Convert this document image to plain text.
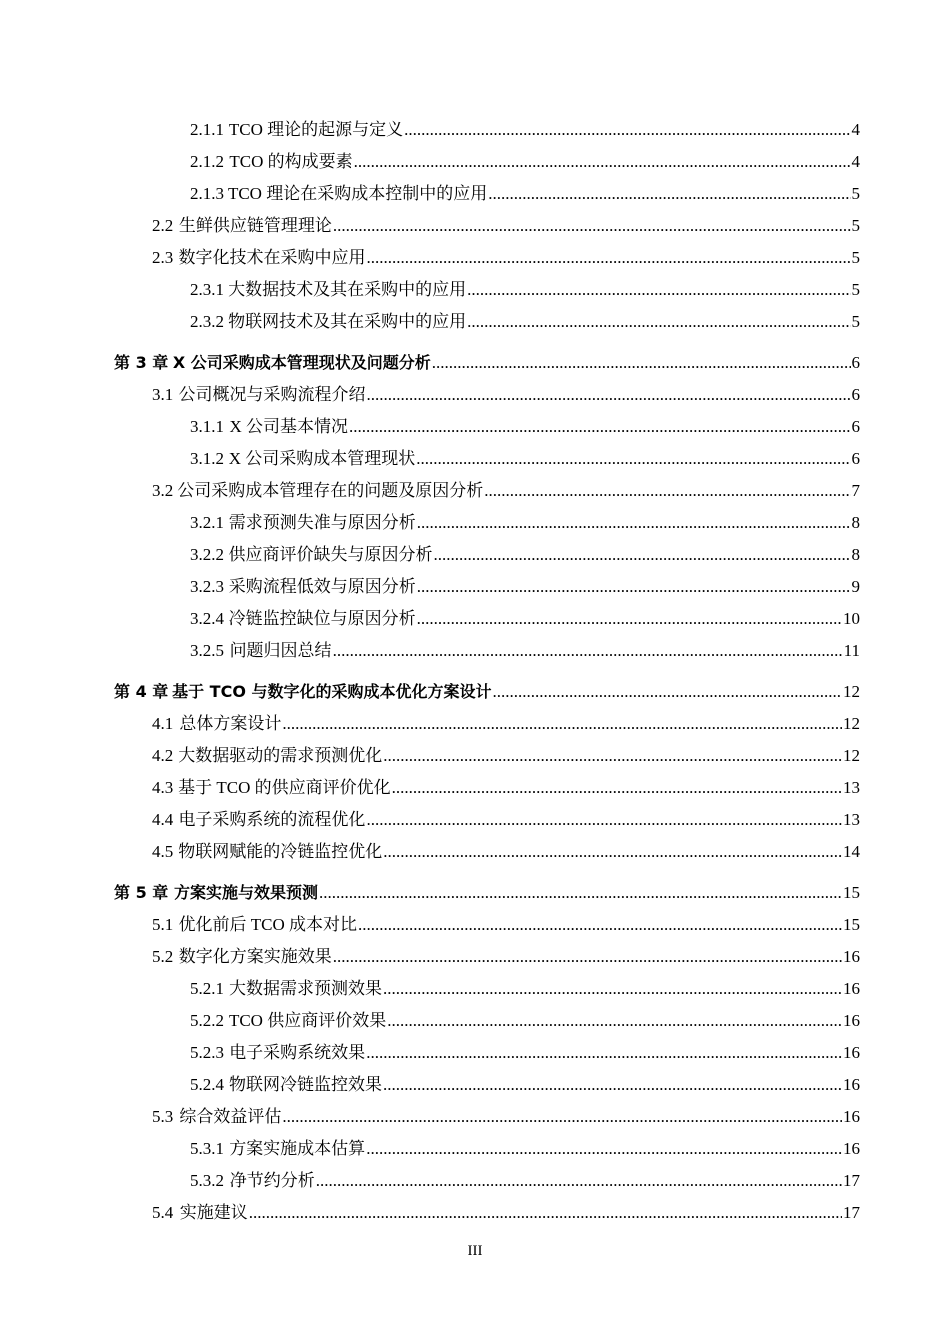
2.1.1 TCO 理论的起源与定义 .....	4
2.1.2 TCO 的构成要素 .....	4
2.1.3 TCO 理论在采购成本控制中的应用 .....	5
2.2 生鲜供应链管理理论 .....	5
2.3 数字化技术在采购中应用 .....	5
2.3.1 大数据技术及其在采购中的应用 .....	5
2.3.2 物联网技术及其在采购中的应用 .....	5
第 3 章 X 公司采购成本管理现状及问题分析 .....	6
3.1 公司概况与采购流程介绍 .....	6
3.1.1 X 公司基本情况 .....	6
3.1.2 X 公司采购成本管理现状 .....	6
3.2 公司采购成本管理存在的问题及原因分析 .....	7
3.2.1 需求预测失准与原因分析 .....	8
3.2.2 供应商评价缺失与原因分析 .....	8
3.2.3 采购流程低效与原因分析 .....	9
3.2.4 冷链监控缺位与原因分析 .....	10
3.2.5 问题归因总结 .....	11
第 4 章 基于 TCO 与数字化的采购成本优化方案设计 .....	12
4.1 总体方案设计 .....	12
4.2 大数据驱动的需求预测优化 .....	12
4.3 基于 TCO 的供应商评价优化 .....	13
4.4 电子采购系统的流程优化 .....	13
4.5 物联网赋能的冷链监控优化 .....	14
第 5 章 方案实施与效果预测 .....	15
5.1 优化前后 TCO 成本对比 .....	15
5.2 数字化方案实施效果 .....	16
5.2.1 大数据需求预测效果 .....	16
5.2.2 TCO 供应商评价效果 .....	16
5.2.3 电子采购系统效果 .....	16
5.2.4 物联网冷链监控效果 .....	16
5.3 综合效益评估 .....	16
5.3.1 方案实施成本估算 .....	16
5.3.2 净节约分析 .....	17
5.4 实施建议 .....	17
III
